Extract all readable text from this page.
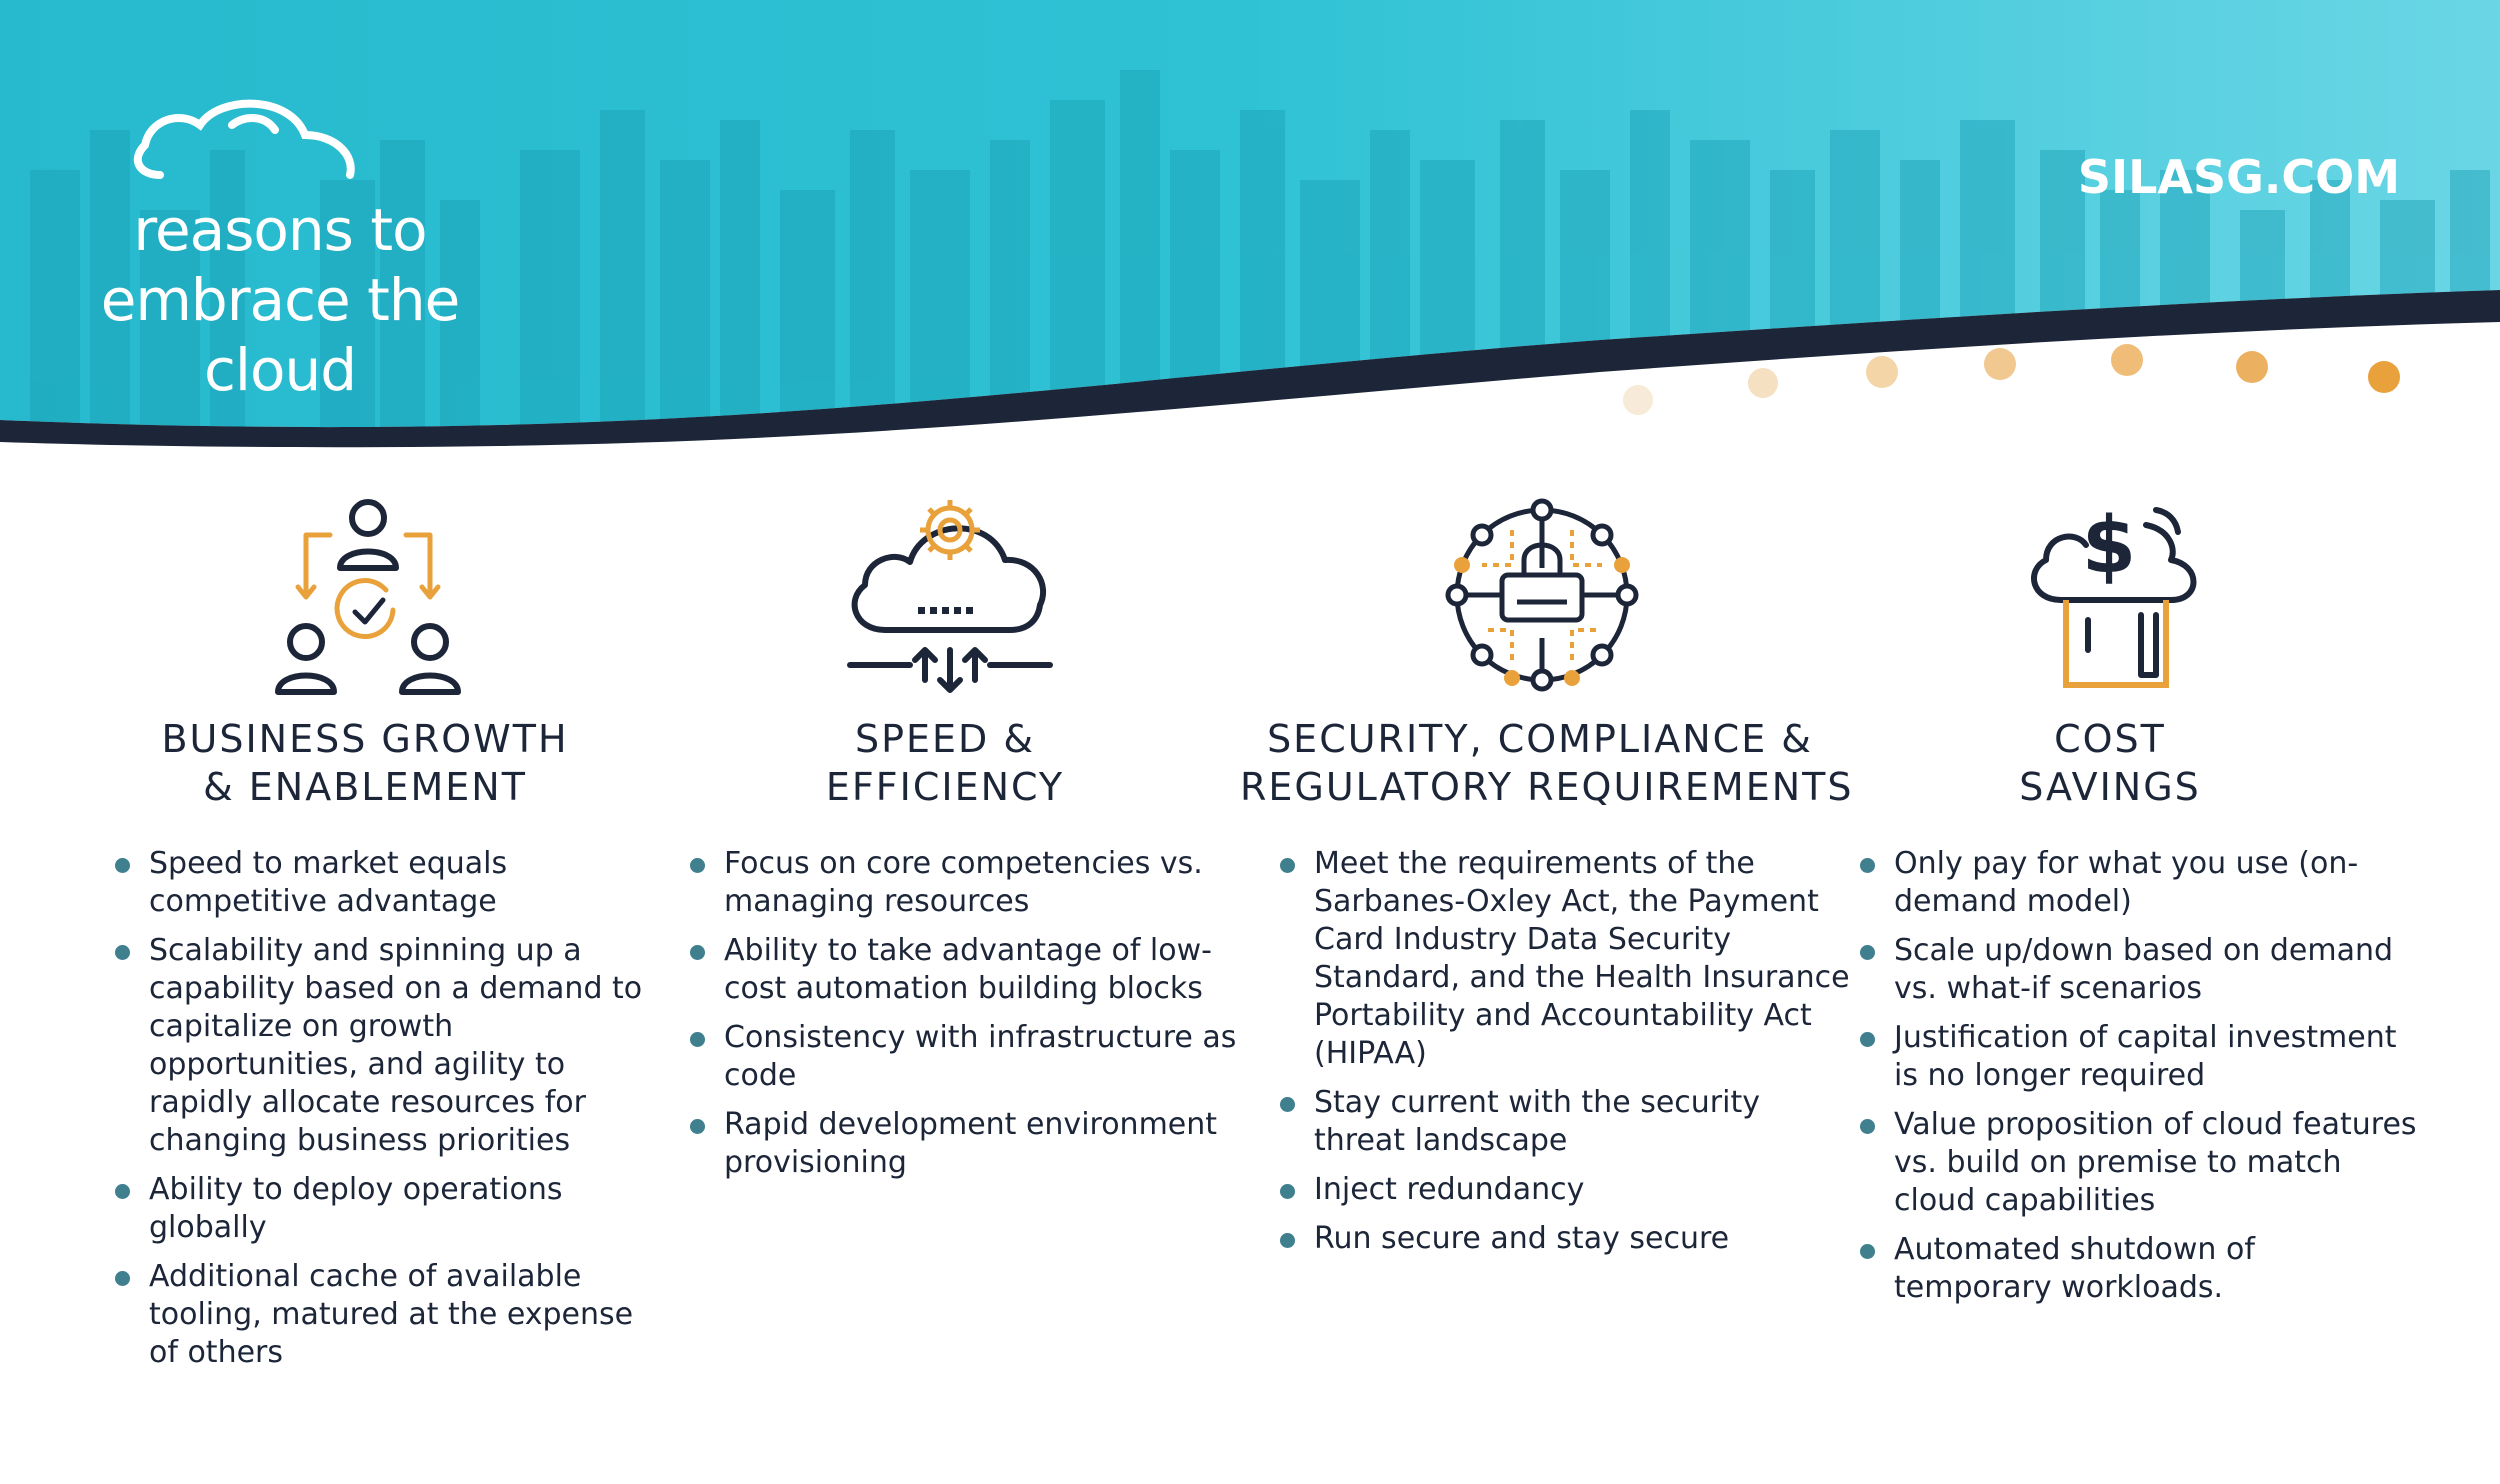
reasons to
embrace the
cloud
SILASG.COM
BUSINESS GROWTH
& ENABLEMENT
Speed to market equals competitive advantage
Scalability and spinning up a capability based on a demand to capitalize on growth opportunities, and agility to rapidly allocate resources for changing business priorities
Ability to deploy operations globally
Additional cache of available tooling, matured at the expense of others
SPEED &
EFFICIENCY
Focus on core competencies vs. managing resources
Ability to take advantage of low-cost automation building blocks
Consistency with infrastructure as code
Rapid development environment provisioning
SECURITY, COMPLIANCE &
REGULATORY REQUIREMENTS
Meet the requirements of the Sarbanes-Oxley Act, the Payment Card Industry Data Security Standard, and the Health Insurance Portability and Accountability Act (HIPAA)
Stay current with the security threat landscape
Inject redundancy
Run secure and stay secure
$
COST
SAVINGS
Only pay for what you use (on-demand model)
Scale up/down based on demand vs. what-if scenarios
Justification of capital investment is no longer required
Value proposition of cloud features vs. build on premise to match cloud capabilities
Automated shutdown of temporary workloads.
